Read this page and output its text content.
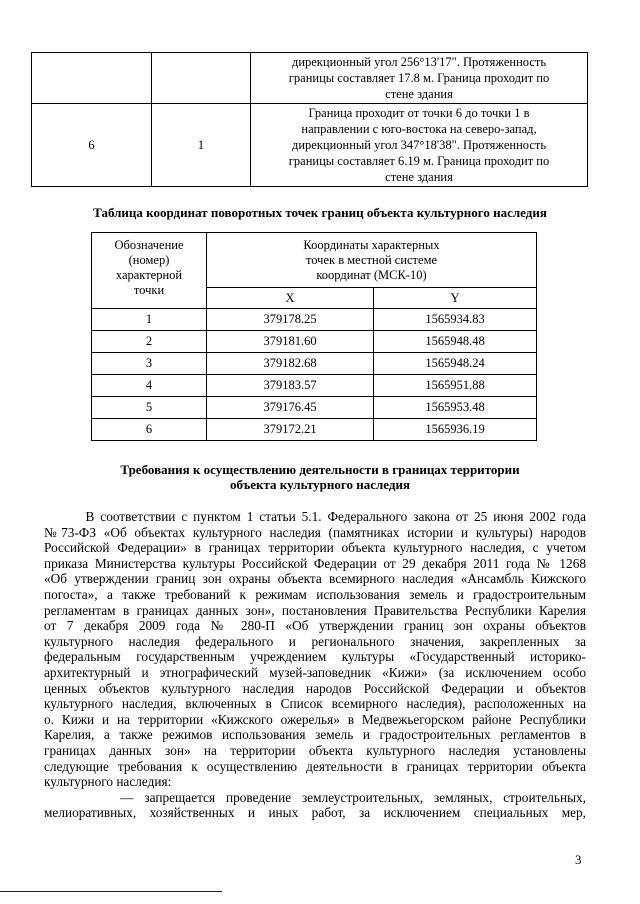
		дирекционный угол 256°13'17". Протяженность
границы составляет 17.8 м. Граница проходит по
стене здания
6	1	Граница проходит от точки 6 до точки 1 в
направлении с юго-востока на северо-запад,
дирекционный угол 347°18'38". Протяженность
границы составляет 6.19 м. Граница проходит по
стене здания
Таблица координат поворотных точек границ объекта культурного наследия
Обозначение
(номер)
характерной
точки	Координаты характерных
точек в местной системе
координат (МСК-10)	
	X	Y
1	379178.25	1565934.83
2	379181.60	1565948.48
3	379182.68	1565948.24
4	379183.57	1565951.88
5	379176.45	1565953.48
6	379172.21	1565936.19
Требования к осуществлению деятельности в границах территории
объекта культурного наследия
В соответствии с пунктом 1 статьи 5.1. Федерального закона от 25 июня 2002 года
№73-ФЗ «Об объектах культурного наследия (памятниках истории и культуры) народов
Российской Федерации» в границах территории объекта культурного наследия, с учетом
приказа Министерства культуры Российской Федерации от 29 декабря 2011 года № 1268
«Об утверждении границ зон охраны объекта всемирного наследия «Ансамбль Кижского
погоста», а также требований к режимам использования земель и градостроительным
регламентам в границах данных зон», постановления Правительства Республики Карелия
от 7 декабря 2009 года № 280-П «Об утверждении границ зон охраны объектов
культурного наследия федерального и регионального значения, закрепленных за
федеральным государственным учреждением культуры «Государственный историко-
архитектурный и этнографический музей-заповедник «Кижи» (за исключением особо
ценных объектов культурного наследия народов Российской Федерации и объектов
культурного наследия, включенных в Список всемирного наследия), расположенных на
о. Кижи и на территории «Кижского ожерелья» в Медвежьегорском районе Республики
Карелия, а также режимов использования земель и градостроительных регламентов в
границах данных зон» на территории объекта культурного наследия установлены
следующие требования к осуществлению деятельности в границах территории объекта
культурного наследия:
— запрещается проведение землеустроительных, земляных, строительных,
мелиоративных, хозяйственных и иных работ, за исключением специальных мер,
3
